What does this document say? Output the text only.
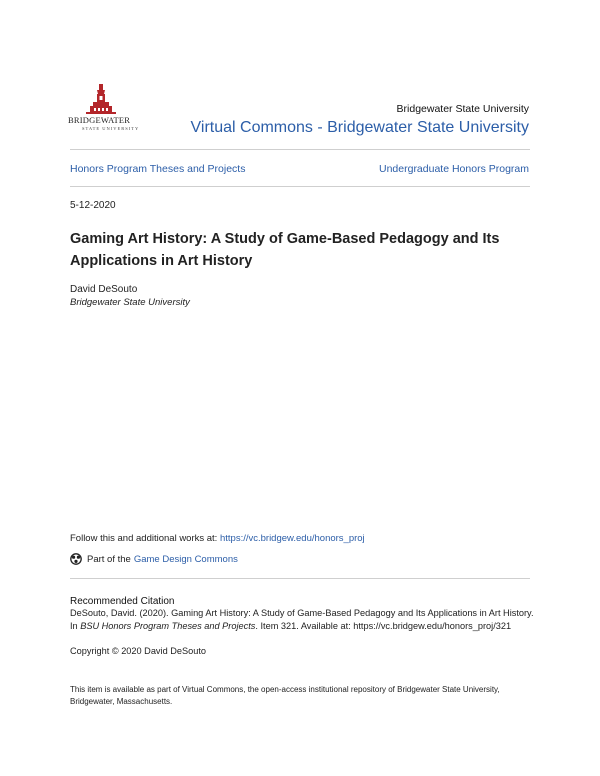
BRIDGEWATER
STATE UNIVERSITY
Bridgewater State University
Virtual Commons - Bridgewater State University
Honors Program Theses and Projects	Undergraduate Honors Program
5-12-2020
Gaming Art History: A Study of Game-Based Pedagogy and Its Applications in Art History
David DeSouto
Bridgewater State University
Follow this and additional works at: https://vc.bridgew.edu/honors_proj
Part of the Game Design Commons
Recommended Citation
DeSouto, David. (2020). Gaming Art History: A Study of Game-Based Pedagogy and Its Applications in Art History. In BSU Honors Program Theses and Projects. Item 321. Available at: https://vc.bridgew.edu/honors_proj/321
Copyright © 2020 David DeSouto
This item is available as part of Virtual Commons, the open-access institutional repository of Bridgewater State University, Bridgewater, Massachusetts.
